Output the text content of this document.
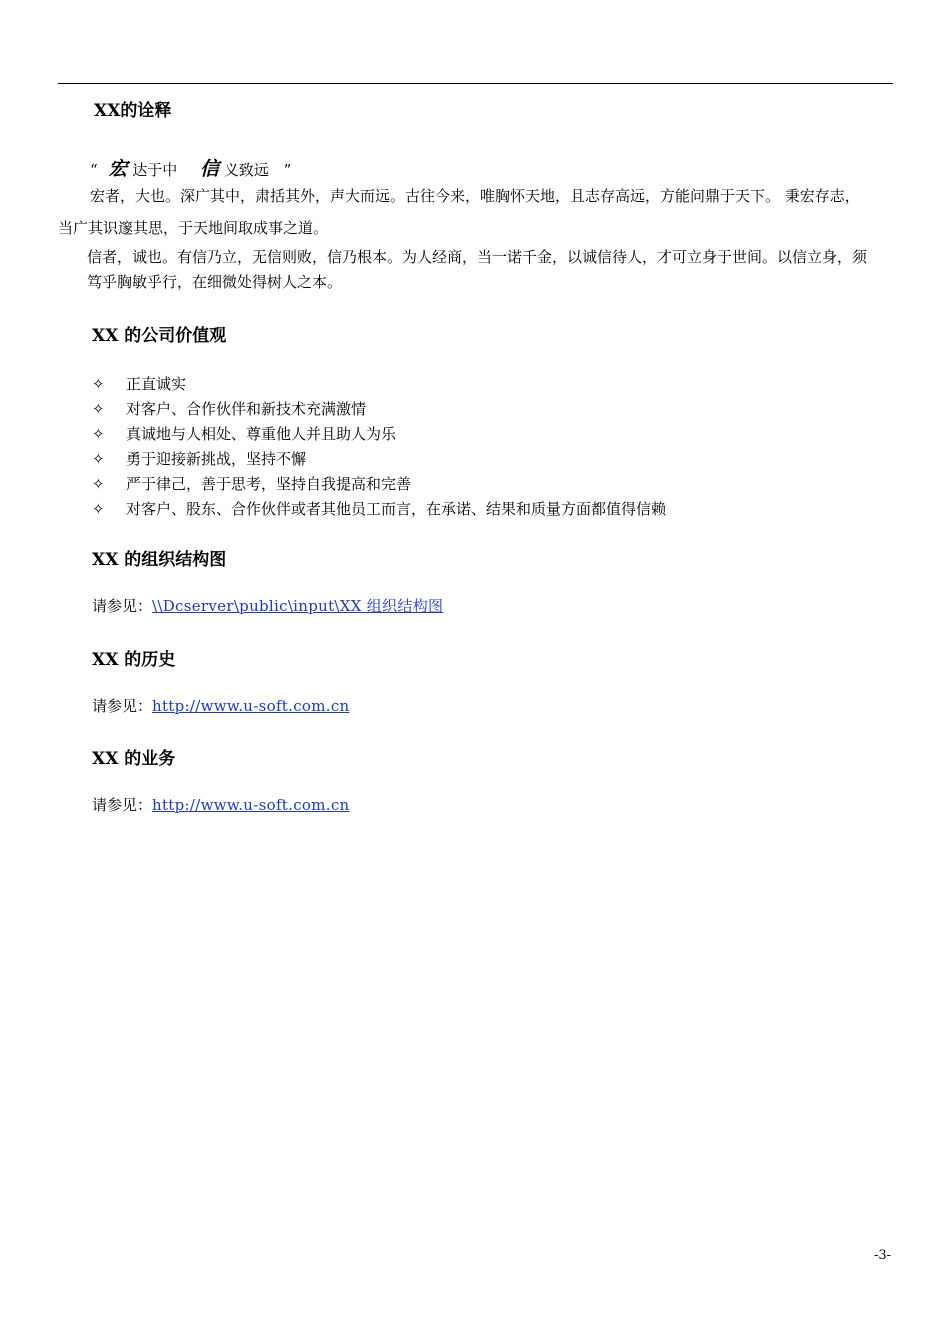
XX的诠释
“ 宏 达于中 信 义致远 ”
宏者，大也。深广其中，肃括其外，声大而远。古往今来，唯胸怀天地，且志存高远，方能问鼎于天下。 秉宏存志，
当广其识邃其思，于天地间取成事之道。
信者，诚也。有信乃立，无信则败，信乃根本。为人经商，当一诺千金，以诚信待人，才可立身于世间。以信立身，须
笃乎胸敏乎行，在细微处得树人之本。
XX 的公司价值观
✧	正直诚实
✧	对客户、合作伙伴和新技术充满激情
✧	真诚地与人相处、尊重他人并且助人为乐
✧	勇于迎接新挑战，坚持不懈
✧	严于律己，善于思考，坚持自我提高和完善
✧	对客户、股东、合作伙伴或者其他员工而言，在承诺、结果和质量方面都值得信赖
XX 的组织结构图
请参见：\\Dcserver\public\input\XX 组织结构图
XX 的历史
请参见：http://www.u-soft.com.cn
XX 的业务
请参见：http://www.u-soft.com.cn
-3-
